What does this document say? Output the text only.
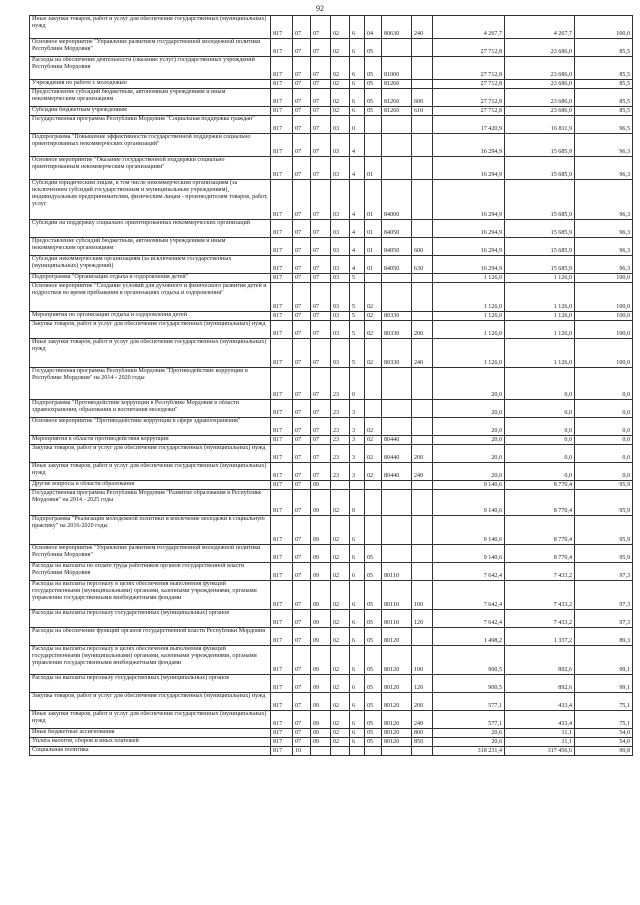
92
Иные закупки товаров, работ и услуг для обеспечения государственных (муниципальных) нужд	817	07	07	02	6	04	80630	240	4 267,7	4 267,7	100,0
Основное мероприятие "Управление развитием государственной молодежной политики Республики Мордовия"	817	07	07	02	6	05			27 712,8	23 686,0	85,5
Расходы на обеспечение деятельности (оказание услуг) государственных учреждений Республики Мордовия	817	07	07	02	6	05	81000		27 712,8	23 686,0	85,5
Учреждения по работе с молодежью	817	07	07	02	6	05	81260		27 712,8	23 686,0	85,5
Предоставление субсидий бюджетным, автономным учреждениям и иным некоммерческим организациям	817	07	07	02	6	05	81260	600	27 712,8	23 686,0	85,5
Субсидии бюджетным учреждениям	817	07	07	02	6	05	81260	610	27 712,8	23 686,0	85,5
Государственная программа Республики Мордовия "Социальная поддержка граждан"	817	07	07	03	0				17 420,9	16 811,9	96,5
Подпрограмма "Повышение эффективности государственной поддержки социально ориентированных некоммерческих организаций"	817	07	07	03	4				16 294,9	15 685,9	96,3
Основное мероприятие "Оказание государственной поддержки социально ориентированным некоммерческим организациям"	817	07	07	03	4	01			16 294,9	15 685,9	96,3
Субсидии юридическим лицам, в том числе некоммерческим организациям (за исключением субсидий государственным и муниципальным учреждениям), индивидуальным предпринимателям, физическим лицам - производителям товаров, работ, услуг	817	07	07	03	4	01	84000		16 294,9	15 685,9	96,3
Субсидии на поддержку социально ориентированных некоммерческих организаций	817	07	07	03	4	01	84050		16 294,9	15 685,9	96,3
Предоставление субсидий бюджетным, автономным учреждениям и иным некоммерческим организациям	817	07	07	03	4	01	84050	600	16 294,9	15 685,9	96,3
Субсидии некоммерческим организациям (за исключением государственных (муниципальных) учреждений)	817	07	07	03	4	01	84050	630	16 294,9	15 685,9	96,3
Подпрограмма "Организация отдыха и оздоровления детей"	817	07	07	03	5				1 126,0	1 126,0	100,0
Основное мероприятие "Создание условий для духовного и физического развития детей и подростков во время пребывания в организациях отдыха и оздоровления"	817	07	07	03	5	02			1 126,0	1 126,0	100,0
Мероприятия по организации отдыха и оздоровления детей	817	07	07	03	5	02	80330		1 126,0	1 126,0	100,0
Закупка товаров, работ и услуг для обеспечения государственных (муниципальных) нужд	817	07	07	03	5	02	80330	200	1 126,0	1 126,0	100,0
Иные закупки товаров, работ и услуг для обеспечения государственных (муниципальных) нужд	817	07	07	03	5	02	80330	240	1 126,0	1 126,0	100,0
Государственная программа Республики Мордовия "Противодействие коррупции в Республике Мордовия" на 2014 - 2020 годы	817	07	07	23	0				20,0	0,0	0,0
Подпрограмма "Противодействие коррупции в Республике Мордовия в области здравоохранения, образования и воспитания молодежи"	817	07	07	23	3				20,0	0,0	0,0
Основное мероприятие "Противодействие коррупции в сфере здравоохранения"	817	07	07	23	3	02			20,0	0,0	0,0
Мероприятия в области противодействия коррупции	817	07	07	23	3	02	80440		20,0	0,0	0,0
Закупка товаров, работ и услуг для обеспечения государственных (муниципальных) нужд	817	07	07	23	3	02	80440	200	20,0	0,0	0,0
Иные закупки товаров, работ и услуг для обеспечения государственных (муниципальных) нужд	817	07	07	23	3	02	80440	240	20,0	0,0	0,0
Другие вопросы в области образования	817	07	09						9 140,6	8 770,4	95,9
Государственная программа Республики Мордовия "Развитие образования в Республике Мордовия" на 2014 - 2025 годы	817	07	09	02	0				9 140,6	8 770,4	95,9
Подпрограмма "Реализация молодежной политики и вовлечение молодежи в социальную практику" на 2016-2020 годы	817	07	09	02	6				9 140,6	8 770,4	95,9
Основное мероприятие "Управление развитием государственной молодежной политики Республики Мордовия"	817	07	09	02	6	05			9 140,6	8 770,4	95,9
Расходы на выплаты по оплате труда работников органов государственной власти Республики Мордовия	817	07	09	02	6	05	80110		7 642,4	7 433,2	97,3
Расходы на выплаты персоналу в целях обеспечения выполнения функций государственными (муниципальными) органами, казенными учреждениями, органами управления государственными внебюджетными фондами	817	07	09	02	6	05	80110	100	7 642,4	7 433,2	97,3
Расходы на выплаты персоналу государственных (муниципальных) органов	817	07	09	02	6	05	80110	120	7 642,4	7 433,2	97,3
Расходы на обеспечение функций органов государственной власти Республики Мордовия	817	07	09	02	6	05	80120		1 498,2	1 337,2	89,3
Расходы на выплаты персоналу в целях обеспечения выполнения функций государственными (муниципальными) органами, казенными учреждениями, органами управления государственными внебюджетными фондами	817	07	09	02	6	05	80120	100	900,5	892,6	99,1
Расходы на выплаты персоналу государственных (муниципальных) органов	817	07	09	02	6	05	80120	120	900,5	892,6	99,1
Закупка товаров, работ и услуг для обеспечения государственных (муниципальных) нужд	817	07	09	02	6	05	80120	200	577,1	433,4	75,1
Иные закупки товаров, работ и услуг для обеспечения государственных (муниципальных) нужд	817	07	09	02	6	05	80120	240	577,1	433,4	75,1
Иные бюджетные ассигнования	817	07	09	02	6	05	80120	800	20,6	11,1	54,0
Уплата налогов, сборов и иных платежей	817	07	09	02	6	05	80120	850	20,6	11,1	54,0
Социальная политика	817	10							318 231,4	317 456,6	99,8
